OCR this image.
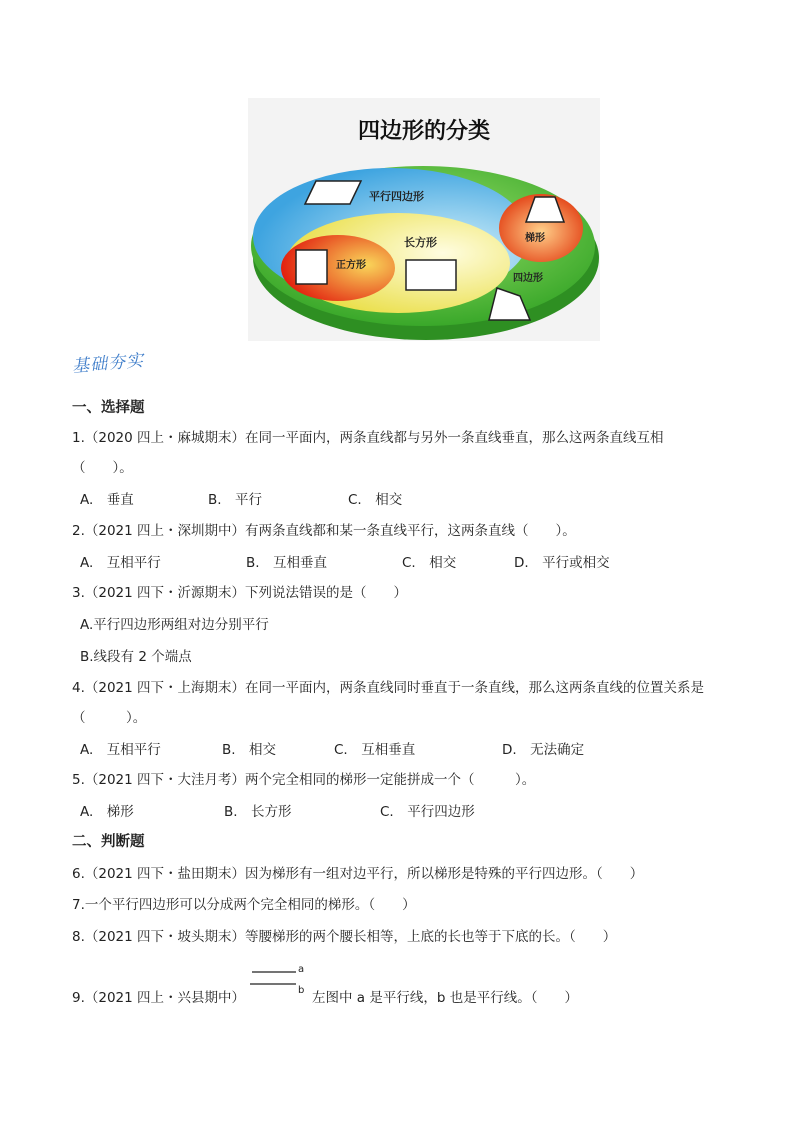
四边形的分类
平行四边形
长方形
正方形
梯形
四边形
基础夯实
一、选择题
1.（2020 四上・麻城期末）在同一平面内，两条直线都与另外一条直线垂直，那么这两条直线互相
（　　）。
A.　垂直	B.　平行	C.　相交
2.（2021 四上・深圳期中）有两条直线都和某一条直线平行，这两条直线（　　）。
A.　互相平行	B.　互相垂直	C.　相交	D.　平行或相交
3.（2021 四下・沂源期末）下列说法错误的是（　　）
A.平行四边形两组对边分别平行
B.线段有 2 个端点
4.（2021 四下・上海期末）在同一平面内，两条直线同时垂直于一条直线，那么这两条直线的位置关系是
（　　　）。
A.　互相平行	B.　相交	C.　互相垂直	D.　无法确定
5.（2021 四下・大洼月考）两个完全相同的梯形一定能拼成一个（　　　）。
A.　梯形	B.　长方形	C.　平行四边形
二、判断题
6.（2021 四下・盐田期末）因为梯形有一组对边平行，所以梯形是特殊的平行四边形。（　　）
7.一个平行四边形可以分成两个完全相同的梯形。（　　）
8.（2021 四下・坡头期末）等腰梯形的两个腰长相等，上底的长也等于下底的长。（　　）
9.（2021 四上・兴县期中）
a
b 左图中 a 是平行线，b 也是平行线。（　　）
